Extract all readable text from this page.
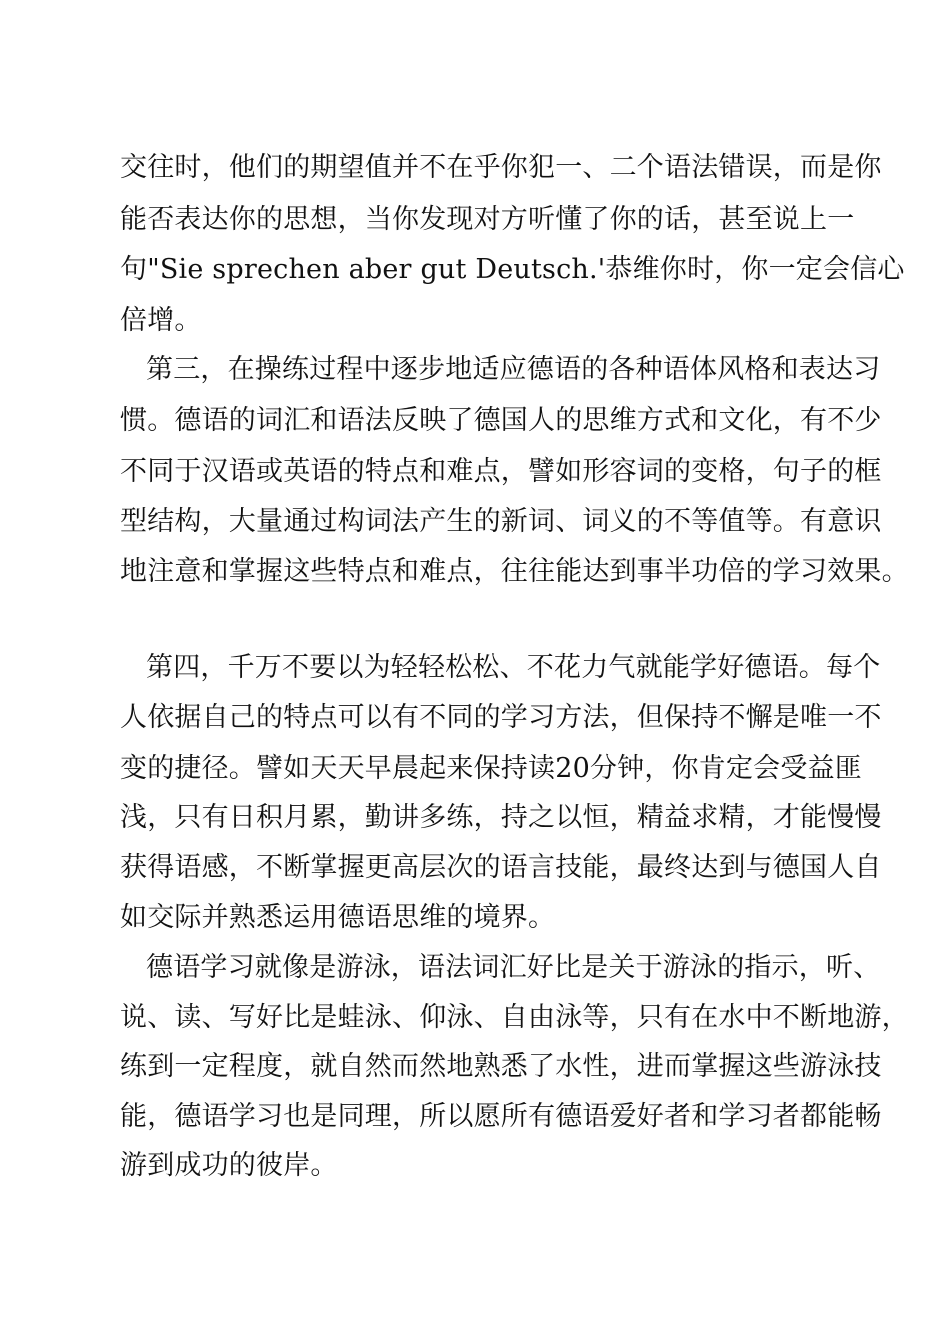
交往时，他们的期望值并不在乎你犯一、二个语法错误，而是你
能否表达你的思想，当你发现对方听懂了你的话，甚至说上一
句"Sie sprechen aber gut Deutsch.'恭维你时，你一定会信心
倍增。
第三，在操练过程中逐步地适应德语的各种语体风格和表达习
惯。德语的词汇和语法反映了德国人的思维方式和文化，有不少
不同于汉语或英语的特点和难点，譬如形容词的变格，句子的框
型结构，大量通过构词法产生的新词、词义的不等值等。有意识
地注意和掌握这些特点和难点，往往能达到事半功倍的学习效果。
第四，千万不要以为轻轻松松、不花力气就能学好德语。每个
人依据自己的特点可以有不同的学习方法，但保持不懈是唯一不
变的捷径。譬如天天早晨起来保持读20分钟，你肯定会受益匪
浅，只有日积月累，勤讲多练，持之以恒，精益求精，才能慢慢
获得语感，不断掌握更高层次的语言技能，最终达到与德国人自
如交际并熟悉运用德语思维的境界。
德语学习就像是游泳，语法词汇好比是关于游泳的指示，听、
说、读、写好比是蛙泳、仰泳、自由泳等，只有在水中不断地游，
练到一定程度，就自然而然地熟悉了水性，进而掌握这些游泳技
能，德语学习也是同理，所以愿所有德语爱好者和学习者都能畅
游到成功的彼岸。
